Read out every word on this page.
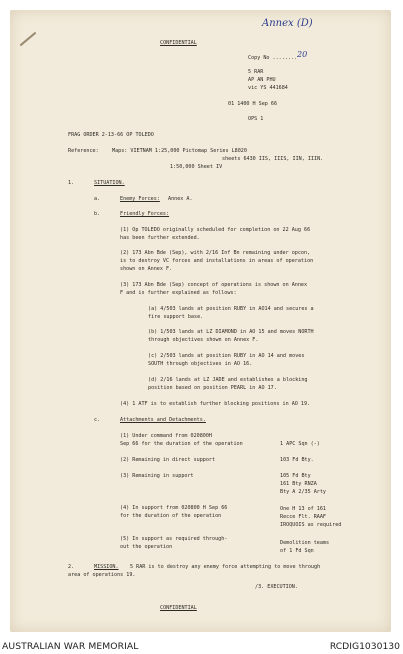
Annex (D)
CONFIDENTIAL
Copy No ........ 20
5 RAR
AP AN PHU
vic YS 441684
01 1400 H Sep 66
OPS 1
FRAG ORDER 2-13-66 OP TOLEDO
Reference:	Maps: VIETNAM 1:25,000 Pictomap Series L8020
sheets 6430 IIS, IIIS, IIN, IIIN.
1:50,000 Sheet IV
1.	SITUATION.
a.	Enemy Forces: Annex A.
b.	Friendly Forces:
(1) Op TOLEDO originally scheduled for completion on 22 Aug 66
has been further extended.
(2) 173 Abn Bde (Sep), with 2/16 Inf Bn remaining under opcon,
is to destroy VC forces and installations in areas of operation
shown on Annex F.
(3) 173 Abn Bde (Sep) concept of operations is shown on Annex
F and is further explained as follows:
(a) 4/503 lands at position RUBY in AO14 and secures a
fire support base.
(b) 1/503 lands at LZ DIAMOND in AO 15 and moves NORTH
through objectives shown on Annex F.
(c) 2/503 lands at position RUBY in AO 14 and moves
SOUTH through objectives in AO 16.
(d) 2/16 lands at LZ JADE and establishes a blocking
position based on position PEARL in AO 17.
(4) 1 ATF is to establish further blocking positions in AO 19.
c.	Attachments and Detachments.
(1) Under command from 020800H
Sep 66 for the duration of the operation	1 APC Sqn (-)
(2) Remaining in direct support	103 Fd Bty.
(3) Remaining in support	105 Fd Bty
161 Bty RNZA
Bty A 2/35 Arty
(4) In support from 020800 H Sep 66
for the duration of the operation
One H 13 of 161
Recce Flt. RAAF
IROQUOIS as required
(5) In support as required through-
out the operation
Demolition teams
of 1 Fd Sqn
2.	MISSION. 5 RAR is to destroy any enemy force attempting to move through
area of operations 19.
/3. EXECUTION.
CONFIDENTIAL
AUSTRALIAN WAR MEMORIAL	RCDIG1030130
